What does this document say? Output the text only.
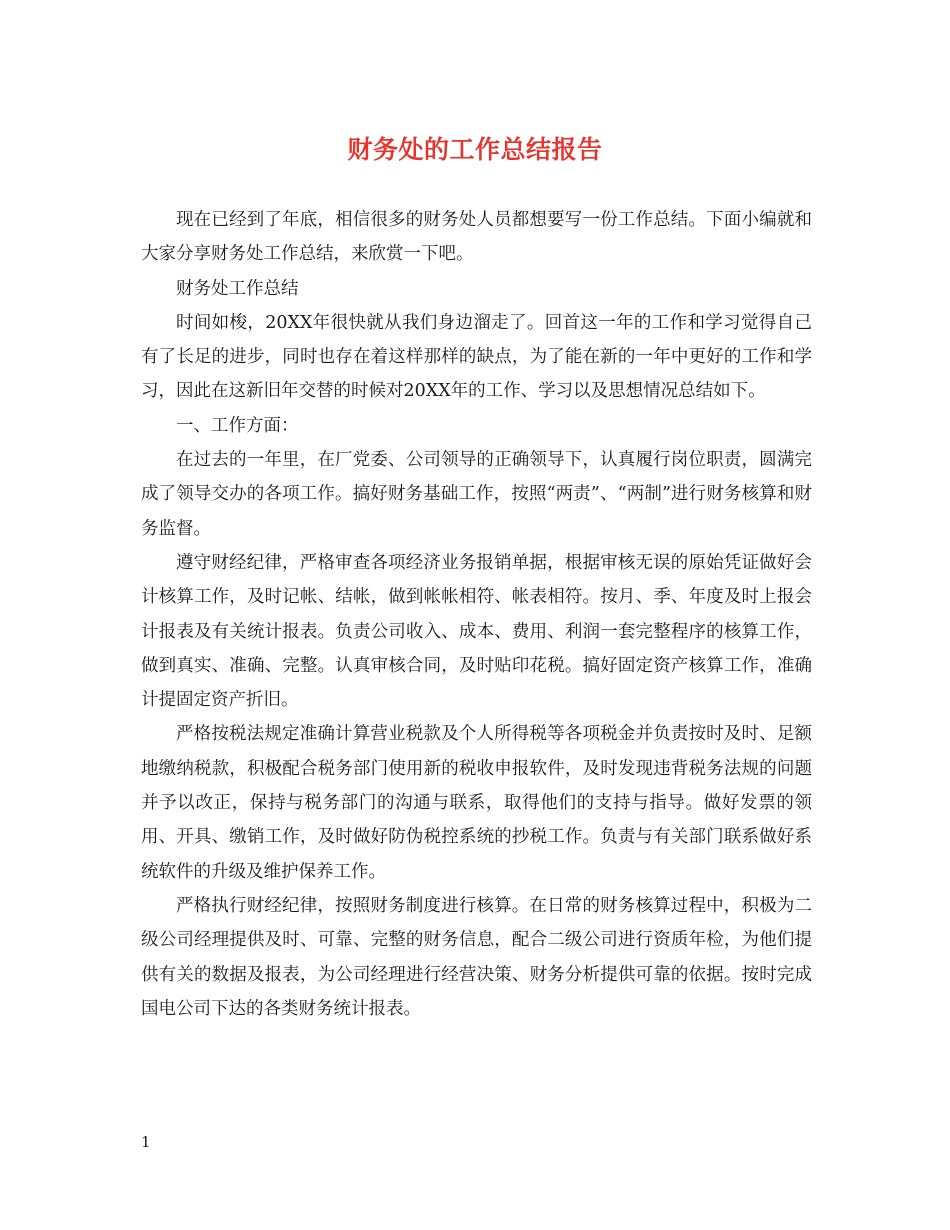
财务处的工作总结报告

现在已经到了年底，相信很多的财务处人员都想要写一份工作总结。下面小编就和大家分享财务处工作总结，来欣赏一下吧。

财务处工作总结

时间如梭，20XX年很快就从我们身边溜走了。回首这一年的工作和学习觉得自己有了长足的进步，同时也存在着这样那样的缺点，为了能在新的一年中更好的工作和学习，因此在这新旧年交替的时候对20XX年的工作、学习以及思想情况总结如下。

一、工作方面：

在过去的一年里，在厂党委、公司领导的正确领导下，认真履行岗位职责，圆满完成了领导交办的各项工作。搞好财务基础工作，按照“两责”、“两制”进行财务核算和财务监督。

遵守财经纪律，严格审查各项经济业务报销单据，根据审核无误的原始凭证做好会计核算工作，及时记帐、结帐，做到帐帐相符、帐表相符。按月、季、年度及时上报会计报表及有关统计报表。负责公司收入、成本、费用、利润一套完整程序的核算工作，做到真实、准确、完整。认真审核合同，及时贴印花税。搞好固定资产核算工作，准确计提固定资产折旧。

严格按税法规定准确计算营业税款及个人所得税等各项税金并负责按时及时、足额地缴纳税款，积极配合税务部门使用新的税收申报软件，及时发现违背税务法规的问题并予以改正，保持与税务部门的沟通与联系，取得他们的支持与指导。做好发票的领用、开具、缴销工作，及时做好防伪税控系统的抄税工作。负责与有关部门联系做好系统软件的升级及维护保养工作。

严格执行财经纪律，按照财务制度进行核算。在日常的财务核算过程中，积极为二级公司经理提供及时、可靠、完整的财务信息，配合二级公司进行资质年检，为他们提供有关的数据及报表，为公司经理进行经营决策、财务分析提供可靠的依据。按时完成国电公司下达的各类财务统计报表。

1
